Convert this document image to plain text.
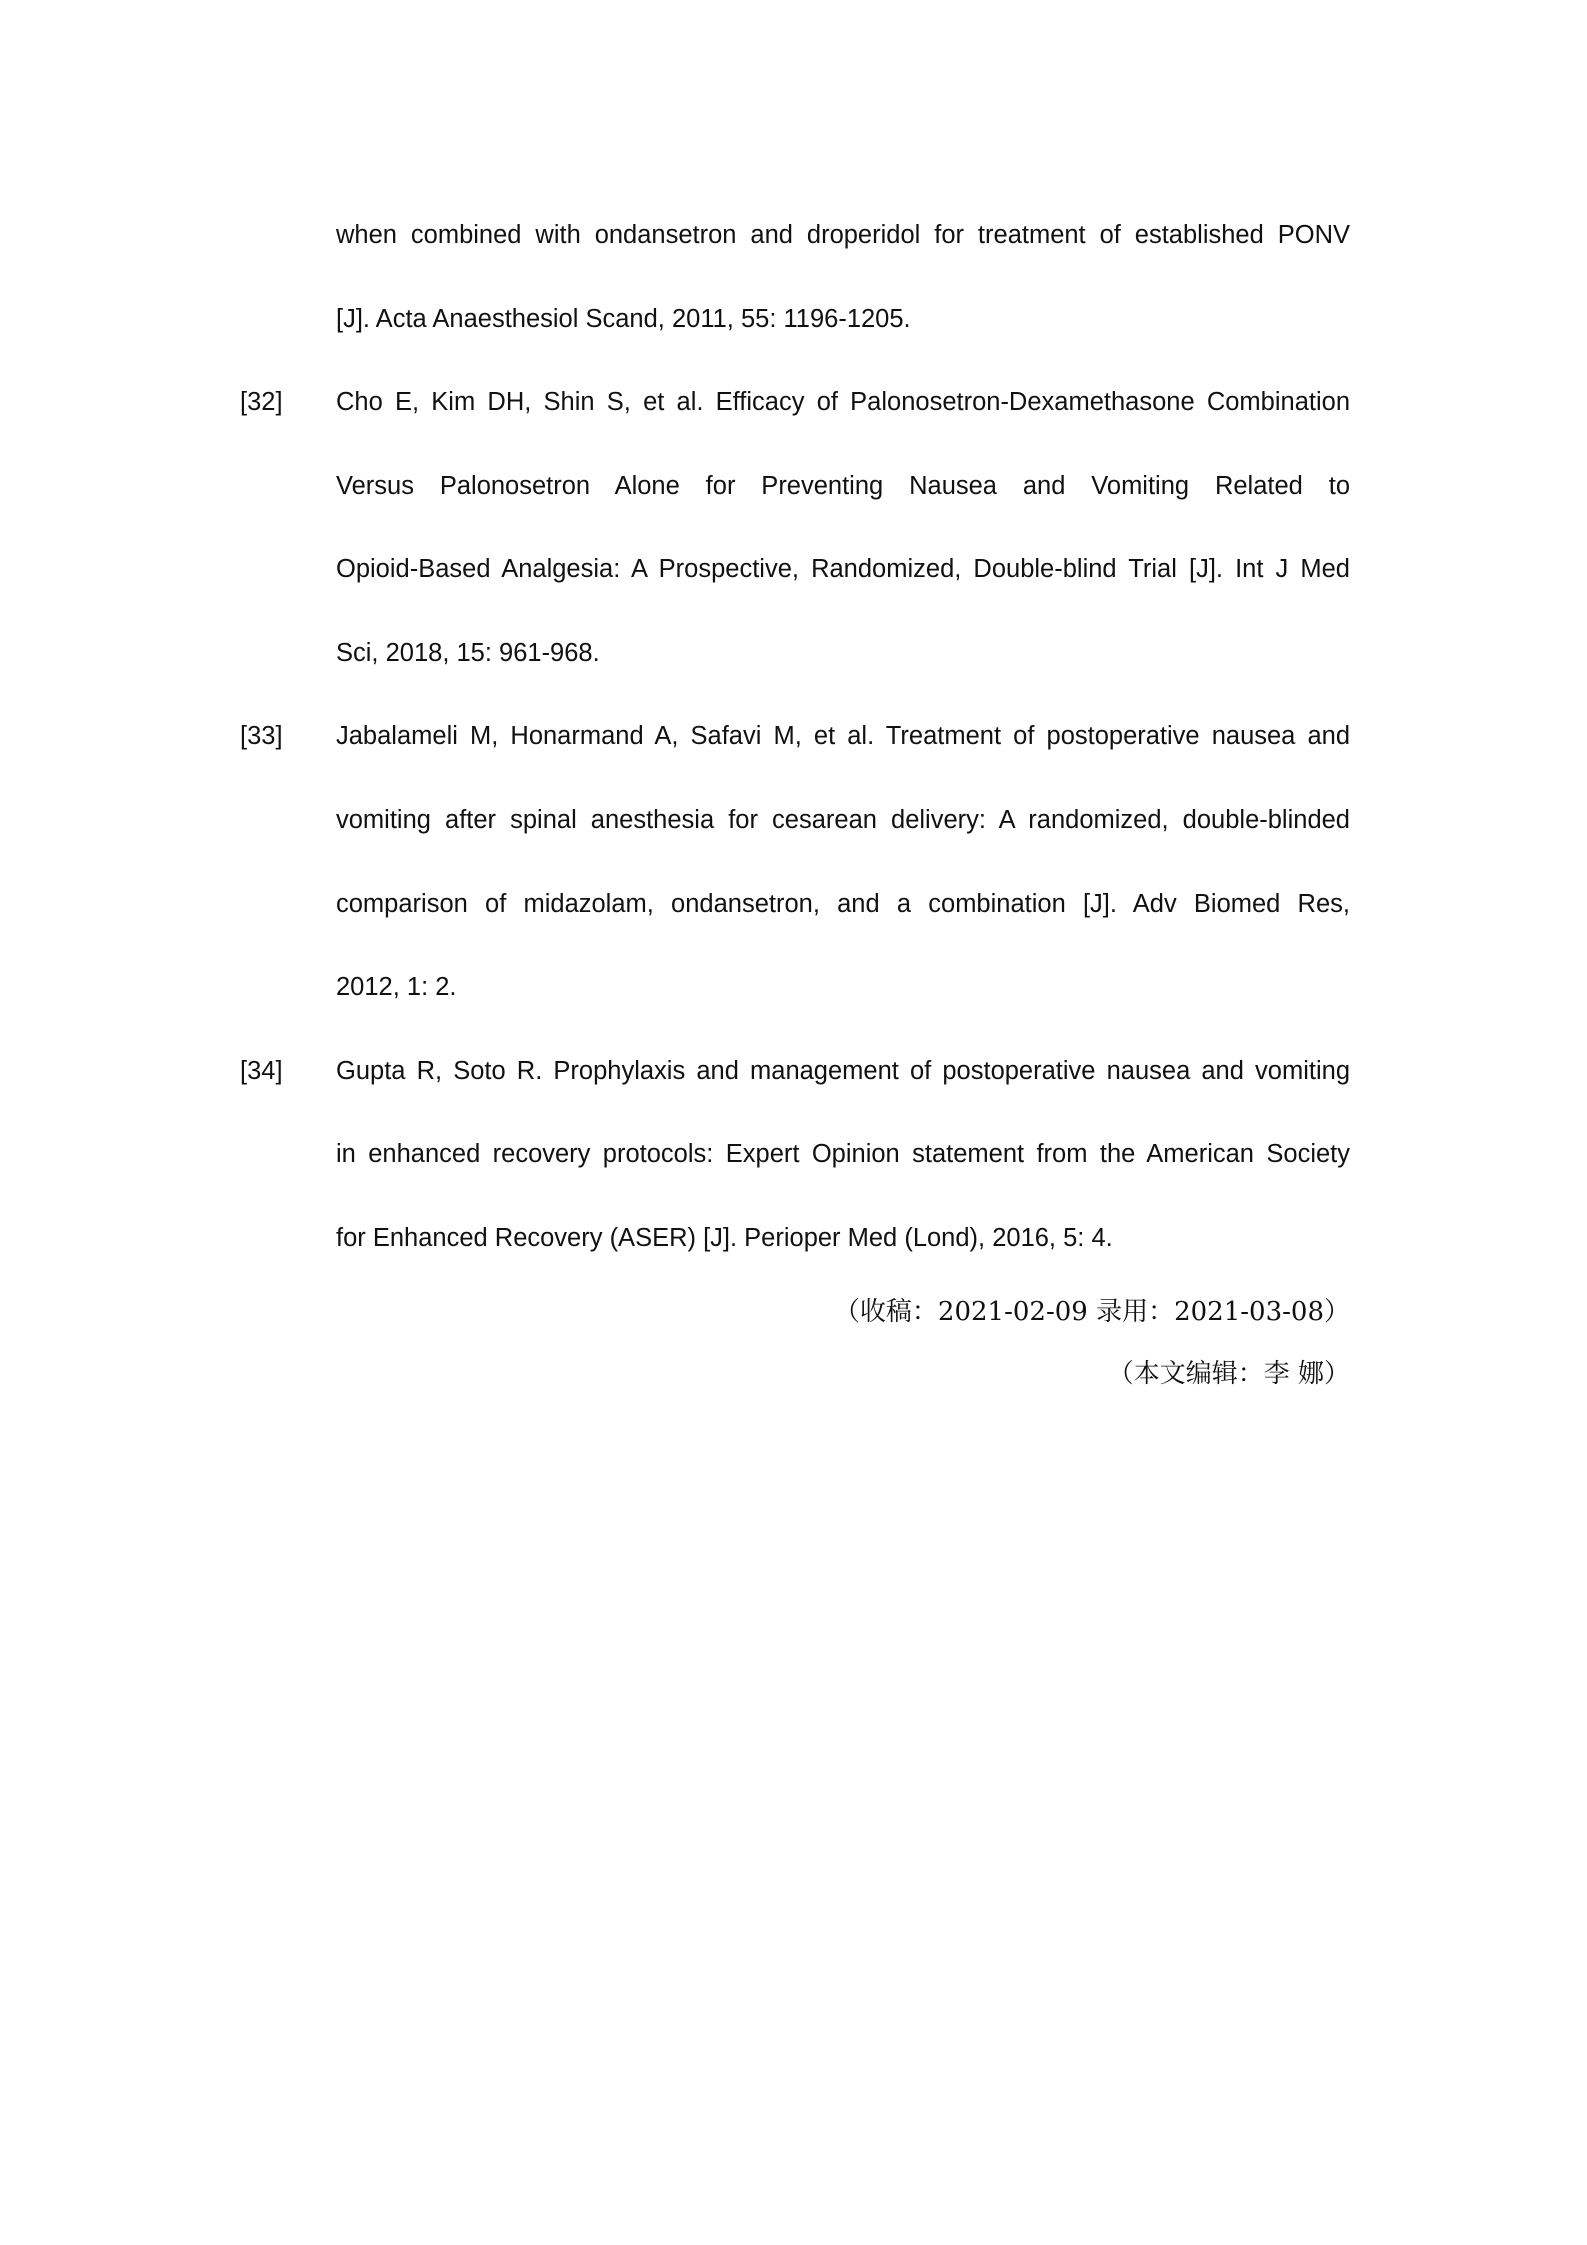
when combined with ondansetron and droperidol for treatment of established PONV
[J]. Acta Anaesthesiol Scand, 2011, 55: 1196-1205.
[32] Cho E, Kim DH, Shin S, et al. Efficacy of Palonosetron-Dexamethasone Combination
Versus Palonosetron Alone for Preventing Nausea and Vomiting Related to
Opioid-Based Analgesia: A Prospective, Randomized, Double-blind Trial [J]. Int J Med
Sci, 2018, 15: 961-968.
[33] Jabalameli M, Honarmand A, Safavi M, et al. Treatment of postoperative nausea and
vomiting after spinal anesthesia for cesarean delivery: A randomized, double-blinded
comparison of midazolam, ondansetron, and a combination [J]. Adv Biomed Res,
2012, 1: 2.
[34] Gupta R, Soto R. Prophylaxis and management of postoperative nausea and vomiting
in enhanced recovery protocols: Expert Opinion statement from the American Society
for Enhanced Recovery (ASER) [J]. Perioper Med (Lond), 2016, 5: 4.
（收稿：2021-02-09 录用：2021-03-08）
（本文编辑：李 娜）
